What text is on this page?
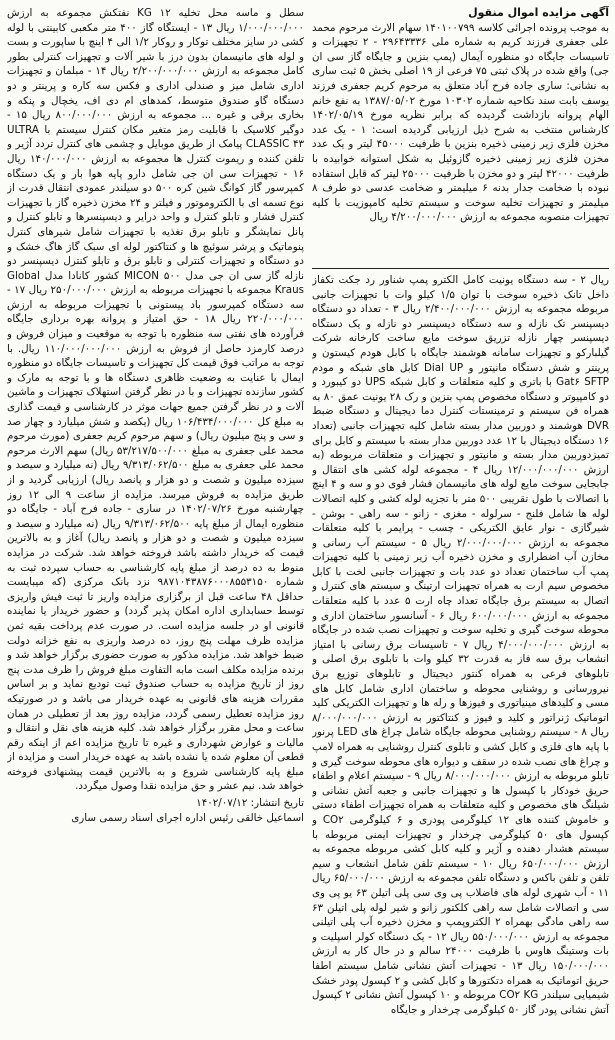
آگهی مزایده اموال منقول

به موجب پرونده اجرائی کلاسه ۱۴۰۱۰۰۷۹۹ سهام الارث مرحوم محمد علی جعفری فرزند کریم به شماره ملی ۲۹۶۴۳۳۳۶ - ۲ تجهیزات و تاسیسات جایگاه دو منظوره آیمال (پمپ بنزین و جایگاه گاز سی ان جی) واقع شده در پلاک ثبتی ۷۵ فرعی از ۱۹ اصلی بخش ۵ ثبت ساری به نشانی: ساری جاده فرح آباد متعلق به مرحوم کریم جعفری فرزند یوسف بابت سند نکاحیه شماره ۱۰۳۰۲ مورخ ۱۳۸۷/۰۵/۰۲ به نفع خانم الهام پروانه بازداشت گردیده که برابر نظریه مورخ ۱۴۰۲/۰۵/۱۹ کارشناس منتخب به شرح ذیل ارزیابی گردیده است: ۱ - یک عدد مخزن فلزی زیر زمینی ذخیره بنزین با ظرفیت ۴۵۰۰۰ لیتر و یک عدد مخزن فلزی زیر زمینی ذخیره گازوئیل به شکل استوانه خوابیده با ظرفیت ۴۲۰۰۰ لیتر و دو مخزن با ظرفیت ۲۵۰۰۰ لیتر که قابل استفاده نبوده با ضخامت جدار بدنه ۶ میلیمتر و ضخامت عدسی دو طرف ۸ میلیمتر و تجهیزات تخلیه سوخت و سیستم تخلیه کامپوزیت با کلیه تجهیزات منصوبه مجموعه به ارزش ۴/۲۰۰/۰۰۰/۰۰۰ ریال

ریال ۲ - سه دستگاه یونیت کامل الکترو پمپ شناور رد جکت تکفاز داخل تانک ذخیره سوخت با توان ۱/۵ کیلو وات با تجهیزات جانبی مربوطه مجموعه به ارزش ۲/۴۰۰/۰۰۰/۰۰۰ ریال ۳ - تعداد دو دستگاه دیسپنسر تک نازله و سه دستگاه دیسپنسر دو نازله و یک دستگاه دیسپنسر چهار نازله تزریق سوخت مایع ساخت کارخانه شرکت گیلبارکو و تجهیزات سامانه هوشمند جایگاه با کابل هودم کیستون و پرینتر و شش دستگاه مانیتور و Dial UP کابل های شبکه و مودم Gat۶ SFTP با باتری و کلیه متعلقات و کابل شبکه UPS دو کیبورد و دو کامپیوتر و دستگاه مخصوص پمپ بنزین و رک ۲۸ یونیت عمق ۸۰ به همراه فن سیستم و ترمینستات کنترل دما دیجیتال و دستگاه ضبط DVR هوشمند و دوربین مدار بسته شامل کلیه تجهیزات جانبی (تعداد ۱۶ دستگاه دیجیتال با ۱۲ عدد دوربین مدار بسته با سیستم و کابل برای تمیزدوربین مدار بسته و مانیتور و تجهیزات و متعلقات مربوطه (به ارزش ۱۲/۰۰۰/۰۰۰/۰۰۰ ریال ۴ - مجموعه لوله کشی های انتقال و جابجایی سوخت مایع لوله های مانیسمان فشار قوی دو و سه و ۴ اینچ با اتصالات با طول تقریبی ۵۰۰ متر با تجزیه لوله کشی و کلیه اتصالات لوله ها شامل فلنج - سرلوله - مغزی - زانو - سه راهی - بوشن - شیرگازی - نوار عایق الکتریکی - چسب - پرایمر با کلیه متعلقات مجموعه به ارزش ۲/۰۰۰/۰۰۰/۰۰۰ ریال ۵ - سیستم آب رسانی و مخازن آب اضطراری و مخزن ذخیره آب زیر زمینی با کلیه تجهیزات پمپ آب ساختمان تعداد دو عدد بات و تجهیزات جانبی لخت با کابل مخصوص سیم ارت به همراه تجهیزات ارتینگ و سیستم های کنترل و اتصال به سیستم برق جایگاه تعداد چاه ارت ۵ عدد با کلیه متعلقات مجموعه به ارزش ۶۰۰/۰۰۰/۰۰۰ ریال ۶ - آسانسور ساختمان اداری و محوطه سوخت گیری و تخلیه سوخت و تجهیزات نصب شده در جایگاه به ارزش ۴/۰۰۰/۰۰۰/۰۰۰ ریال ۷ - تاسیسات برق رسانی با امتیاز انشعاب برق سه فاز به قدرت ۳۲ کیلو وات با تابلوی برق اصلی و تابلوهای فرعی به همراه کنتور دیجیتال و تابلوهای توزیع برق نیرورسانی و روشنایی محوطه و ساختمان اداری شامل کابل های مسی و کلیدهای مینیاتوری و فیوزها و رله ها و تجهیزات الکتریکی کلید اتوماتیک ژنراتور و کلید و فیوز و کنتاکتور به ارزش ۸/۰۰۰/۰۰۰/۰۰۰ ریال ۸ - سیستم روشنایی محوطه جایگاه شامل چراغ های LED پرنور با پایه های فلزی و کابل کشی و تابلوی کنترل روشنایی به همراه لامپ و چراغ های نصب شده در سقف و دیواره های محوطه سوخت گیری و تابلو مربوطه به ارزش ۸/۰۰۰/۰۰۰/۰۰۰ ریال ۹ - سیستم اعلام و اطفاء حریق خودکار با کپسول ها و تجهیزات جانبی و جعبه آتش نشانی و شیلنگ های مخصوص و کلیه متعلقات به همراه تجهیزات اطفاء دستی و خاموش کننده های ۱۲ کیلوگرمی پودری و ۶ کیلوگرمی CO۲ و کپسول های ۵۰ کیلوگرمی چرخدار و تجهیزات ایمنی مربوطه با سیستم هشدار دهنده و آژیر و کلیه کابل کشی مربوطه مجموعه به ارزش ۶۵۰/۰۰۰/۰۰۰ ریال ۱۰ - سیستم تلفن شامل انشعاب و سیم تلفن و تلفن باکس و دستگاه تلفن مجموعه به ارزش ۶۵/۰۰۰/۰۰۰ ریال ۱۱ - آب شهری لوله های فاضلاب پی وی سی پلی اتیلن ۶۳ یو پی وی سی و اتصالات شامل سه راهی کلکتور زانو و شیر لوله پلی اتیلن ۶۳ سه راهی مادگی بهمراه ۲ الکتروپمپ و مخزن ذخیره آب پلی اتیلنی مجموعه به ارزش ۵۵۰/۰۰۰/۰۰۰ ریال ۱۲ - یک دستگاه کولر اسپلیت و بات وستینگ هاوس با ظرفیت ۲۴۰۰۰ سالم و در حال کار به ارزش ۱۵۰/۰۰۰/۰۰۰ ریال ۱۳ - تجهیزات آتش نشانی شامل سیستم اطفا حریق اتوماتیک به همراه دتکتورها و کابل کشی و ۲ کپسول پودر خشک شیمیایی سیلندر CO۲ KG مربوطه و ۱۰ کپسول آتش نشانی ۲ کپسول آتش نشانی پودر گاز ۵۰ کیلوگرمی چرخدار و جایگاه

سطل و ماسه محل تخلیه KG ۱۲ نفتکش مجموعه به ارزش ۱/۰۰۰/۰۰۰/۰۰۰ ریال ۱۳ - ایستگاه گاز ۴۰۰ متر مکعبی کابینتی با لوله کشی در سایز مختلف توکار و روکار ۱/۲ الی ۴ اینچ با ساپورت و بست و لوله های مانیسمان بدون درز با شیر آلات و تجهیزات کنترلی بطور کامل مجموعه به ارزش ۲/۲۰۰/۰۰۰/۰۰۰ ریال ۱۴ - مبلمان و تجهیزات اداری شامل میز و صندلی اداری و فکس سه کاره و پرینتر و دو دستگاه گاو صندوق متوسط، کمدهای ام دی اف، یخچال و پنکه و بخاری برقی و غیره ... مجموعه به ارزش ۸۰۰/۰۰۰/۰۰۰ ریال ۱۵ - دوگیر کلاسیک با قابلیت رمز متغیر مکان کنترل سیستم با ULTRA CLASSIC ۴۳ پیامک از طریق موبایل و چشمی های کنترل تردد آژیر و تلفن کننده و ریموت کنترل ها مجموعه به ارزش ۱۴۰/۰۰۰/۰۰۰ ریال ۱۶ - تجهیزات سی ان جی شامل دارو پایه هوا بار و یک دستگاه کمپرسور گاز کوانگ شین کره ۵۰۰ دو سیلندر عمودی انتقال قدرت از نوع تسمه ای با الکتروموتور و فیلتر و ۲۴ مخزن ذخیره گاز با تجهیزات کنترل فشار و تابلو کنترل و واحد درایر و دیسپنسرها و تابلو کنترل و پانل نمایشگر و تابلو برق تغذیه با تجهیزات شامل شیرهای کنترل پنوماتیک و پرشر سوئیچ ها و کنتاکتور لوله ای سبک گاز هاگ خشک و دو دستگاه و تجهیزات کنترلی و تابلو برق و تابلو کنترل دیسپنسر دو نازله گاز سی ان جی مدل MICON ۵۰۰ کشور کانادا مدل Global Kraus مجموعه با تجهیزات مربوطه به ارزش ۲۵۰/۰۰۰/۰۰۰ ریال ۱۷ - سه دستگاه کمپرسور باد پیستونی با تجهیزات مربوطه به ارزش ۲۲۰/۰۰۰/۰۰۰ ریال ۱۸ - حق امتیاز و پروانه بهره برداری جایگاه فرآورده های نفتی سه منظوره با توجه به موقعیت و میزان فروش و درصد کارمزد حاصل از فروش به ارزش ۱۱۰/۰۰۰/۰۰۰/۰۰۰ ریال. با توجه به مراتب فوق قیمت کل تجهیزات و تاسیسات جایگاه دو منظوره ایمال با عنایت به وضعیت ظاهری دستگاه ها و با توجه به مارک و کشور سازنده تجهیزات و با در نظر گرفتن استهلاک تجهیزات و ماشین آلات و در نظر گرفتن جمیع جهات موثر در کارشناسی و قیمت گذاری به مبلغ کل ۱۰۶/۴۳۴/۰۰۰/۰۰۰ ریال (یکصد و شش میلیارد و چهار صد و سی و پنج میلیون ریال) و سهم مرحوم کریم جعفری (مورث مرحوم محمد علی جعفری به مبلغ ۵۳/۲۱۷/۵۰۰/۰۰۰ ریال) سهم الارث مرحوم محمد علی جعفری به مبلغ ۹/۳۱۳/۰۶۲/۵۰۰ ریال (نه میلیارد و سیصد و سیزده میلیون و شصت و دو هزار و پانصد ریال) ارزیابی گردید و از طریق مزایده به فروش میرسد. مزایده از ساعت ۹ الی ۱۲ روز چهارشنبه مورخ ۱۴۰۲/۰۷/۲۶ در ساری - جاده فرح آباد - جایگاه دو منظوره ایمال از مبلغ پایه ۹/۳۱۳/۰۶۲/۵۰۰ ریال (نه میلیارد و سیصد و سیزده میلیون و شصت و دو هزار و پانصد ریال) آغاز و به بالاترین قیمت که خریدار داشته باشد فروخته خواهد شد. شرکت در مزایده منوط به ده درصد از مبلغ پایه کارشناسی به حساب سپرده ثبت به شماره ۹۸۷۱۰۴۳۸۷۶۰۰۰۸۵۵۳۱۵۰ نزد بانک مرکزی (که میبایست حداقل ۴۸ ساعت قبل از برگزاری مزایده واریز تا ثبت فیش واریزی توسط حسابداری اداره امکان پذیر گردد) و حضور خریدار یا نماینده قانونی او در جلسه مزایده است. در صورت عدم پرداخت بقیه ثمن مزایده ظرف مهلت پنج روز، ده درصد واریزی به نفع خزانه دولت ضبط خواهد شد. مزایده مذکور به صورت حضوری برگزار خواهد شد و برنده مزایده مکلف است مابه التفاوت مبلغ فروش را ظرف مدت پنج روز از تاریخ مزایده به حساب صندوق ثبت تودیع نماید و بر اساس مقررات هزینه های قانونی به عهده خریدار می باشد و در صورتیکه روز مزایده تعطیل رسمی گردد، مزایده روز بعد از تعطیلی در همان ساعت و محل مقرر برگزار خواهد شد. کلیه هزینه های نقل و انتقال و مالیات و عوارض شهرداری و غیره تا تاریخ مزایده اعم از اینکه رقم قطعی آن معلوم شده یا نشده باشد به عهده خریدار است و مزایده از مبلغ پایه کارشناسی شروع و به بالاترین قیمت پیشنهادی فروخته خواهد شد. نیم عشر و حق مزایده نقدا وصول میگردد.

تاریخ انتشار: ۱۴۰۲/۰۷/۱۲

اسماعیل خالقی رئیس اداره اجرای اسناد رسمی ساری
